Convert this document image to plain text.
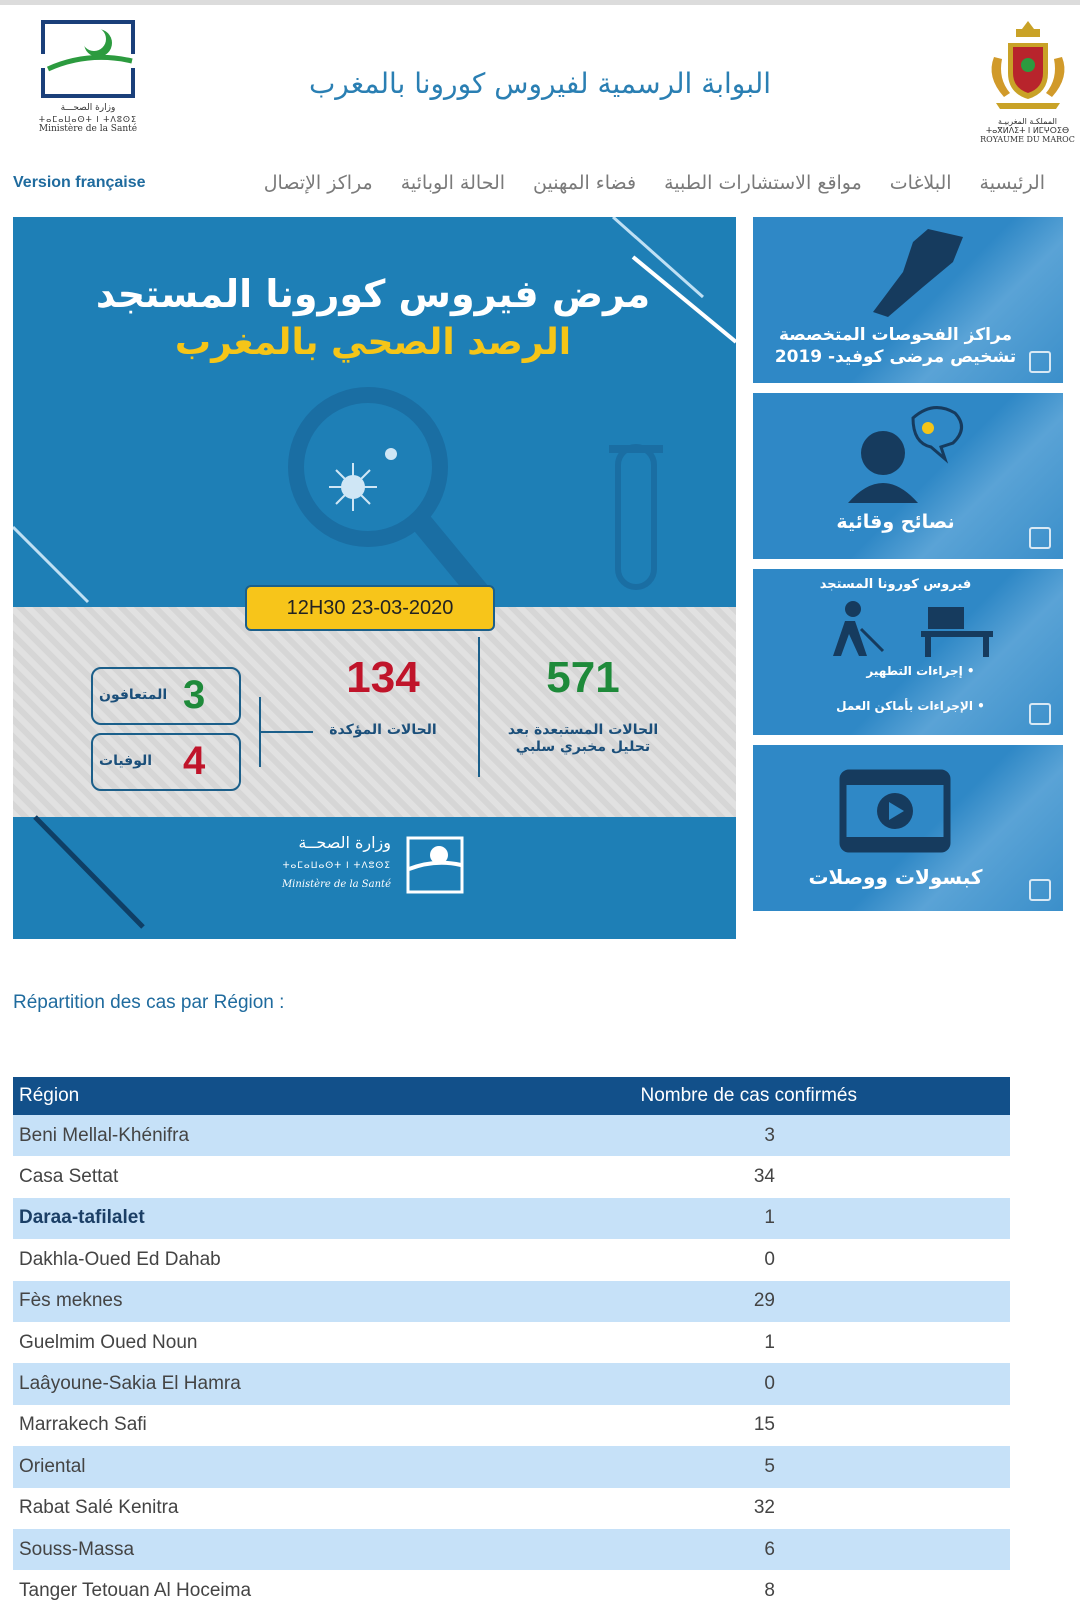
وزارة الصحـــة
ⵜⴰⵎⴰⵡⴰⵙⵜ ⵏ ⵜⴷⵓⵙⵉ
Ministère de la Santé
البوابة الرسمية لفيروس كورونا بالمغرب
المملكـة المغربيـة
ⵜⴰⴳⵍⴷⵉⵜ ⵏ ⵍⵎⵖⵔⵉⴱ
ROYAUME DU MAROC
Version française	الرئيسية
البلاغات
مواقع الاستشارات الطبية
فضاء المهنين
الحالة الوبائية
مراكز الإتصال
مرض فيروس كورونا المستجد
الرصد الصحي بالمغرب
12H30 23-03-2020
134
الحالات المؤكدة
571
الحالات المستبعدة بعد
تحليل مخبري سلبي
3
المتعافون
4
الوفيات
وزارة الصحــة
ⵜⴰⵎⴰⵡⴰⵙⵜ ⵏ ⵜⴷⵓⵙⵉ
Ministère de la Santé
مراكز الفحوصات المتخصصة
تشخيص مرضى كوفيد- 2019
نصائح وقائية
فيروس كورونا المستجد
• إجراءات التطهير
• الإجراءات بأماكن العمل
كبسولات ووصلات
Répartition des cas par Région :
Région	Nombre de cas confirmés
Beni Mellal-Khénifra	3
Casa Settat	34
Daraa-tafilalet	1
Dakhla-Oued Ed Dahab	0
Fès meknes	29
Guelmim Oued Noun	1
Laâyoune-Sakia El Hamra	0
Marrakech Safi	15
Oriental	5
Rabat Salé Kenitra	32
Souss-Massa	6
Tanger Tetouan Al Hoceima	8
